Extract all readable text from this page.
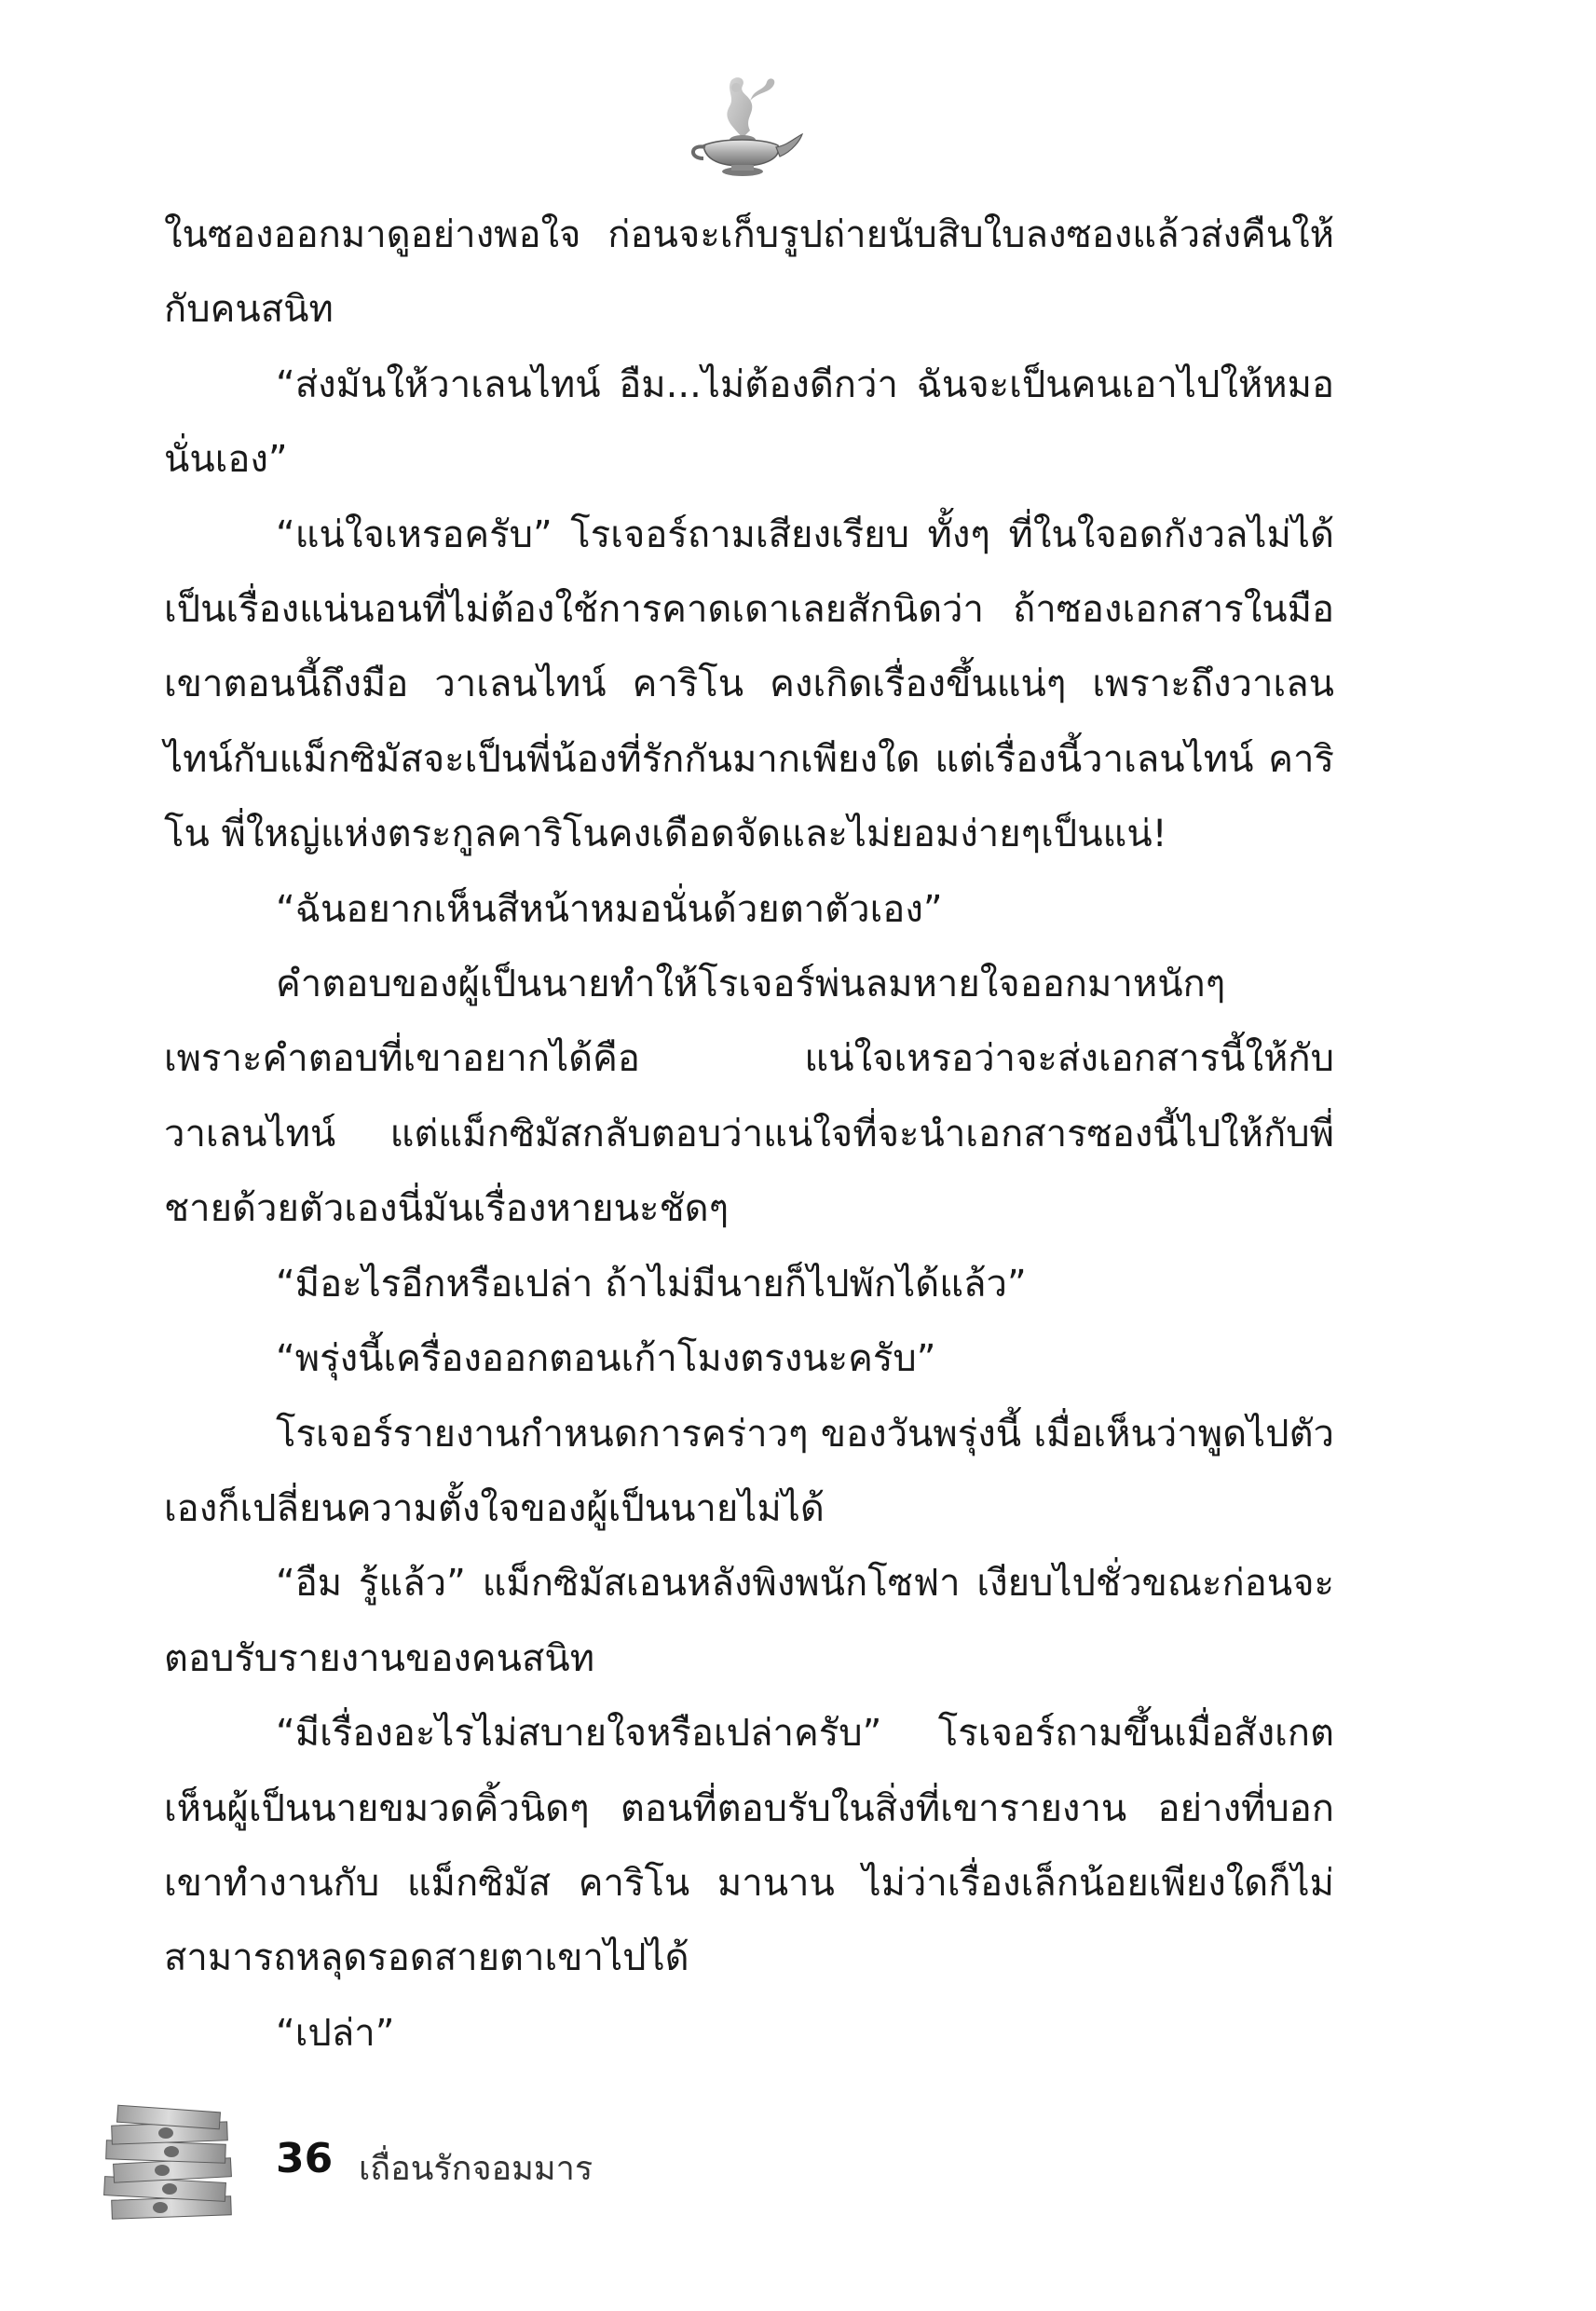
ในซองออกมาดูอย่างพอใจ ก่อนจะเก็บรูปถ่ายนับสิบใบลงซองแล้วส่งคืนให้กับคนสนิท

“ส่งมันให้วาเลนไทน์ อืม...ไม่ต้องดีกว่า ฉันจะเป็นคนเอาไปให้หมอนั่นเอง”

“แน่ใจเหรอครับ” โรเจอร์ถามเสียงเรียบ ทั้งๆ ที่ในใจอดกังวลไม่ได้ เป็นเรื่องแน่นอนที่ไม่ต้องใช้การคาดเดาเลยสักนิดว่า ถ้าซองเอกสารในมือเขาตอนนี้ถึงมือ วาเลนไทน์ คาริโน คงเกิดเรื่องขึ้นแน่ๆ เพราะถึงวาเลนไทน์กับแม็กซิมัสจะเป็นพี่น้องที่รักกันมากเพียงใด แต่เรื่องนี้วาเลนไทน์ คาริโน พี่ใหญ่แห่งตระกูลคาริโนคงเดือดจัดและไม่ยอมง่ายๆเป็นแน่!

“ฉันอยากเห็นสีหน้าหมอนั่นด้วยตาตัวเอง”

คำตอบของผู้เป็นนายทำให้โรเจอร์พ่นลมหายใจออกมาหนักๆ เพราะคำตอบที่เขาอยากได้คือ แน่ใจเหรอว่าจะส่งเอกสารนี้ให้กับวาเลนไทน์ แต่แม็กซิมัสกลับตอบว่าแน่ใจที่จะนำเอกสารซองนี้ไปให้กับพี่ชายด้วยตัวเองนี่มันเรื่องหายนะชัดๆ

“มีอะไรอีกหรือเปล่า ถ้าไม่มีนายก็ไปพักได้แล้ว”

“พรุ่งนี้เครื่องออกตอนเก้าโมงตรงนะครับ”

โรเจอร์รายงานกำหนดการคร่าวๆ ของวันพรุ่งนี้ เมื่อเห็นว่าพูดไปตัวเองก็เปลี่ยนความตั้งใจของผู้เป็นนายไม่ได้

“อืม รู้แล้ว” แม็กซิมัสเอนหลังพิงพนักโซฟา เงียบไปชั่วขณะก่อนจะตอบรับรายงานของคนสนิท

“มีเรื่องอะไรไม่สบายใจหรือเปล่าครับ” โรเจอร์ถามขึ้นเมื่อสังเกตเห็นผู้เป็นนายขมวดคิ้วนิดๆ ตอนที่ตอบรับในสิ่งที่เขารายงาน อย่างที่บอกเขาทำงานกับ แม็กซิมัส คาริโน มานาน ไม่ว่าเรื่องเล็กน้อยเพียงใดก็ไม่สามารถหลุดรอดสายตาเขาไปได้

“เปล่า”

36 เถื่อนรักจอมมาร
